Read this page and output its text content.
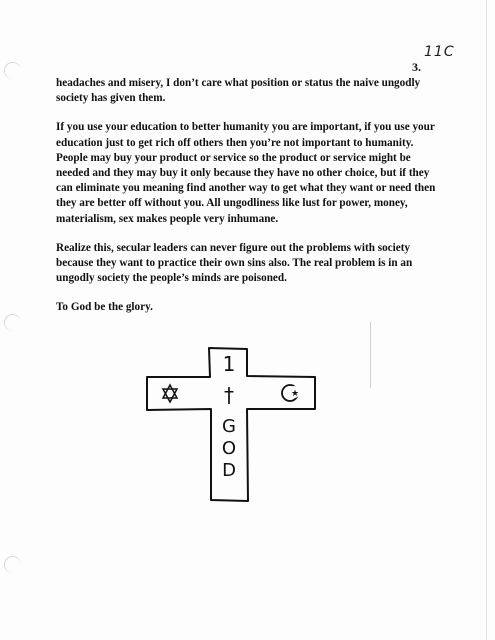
11C
3.

headaches and misery, I don’t care what position or status the naive ungodly society has given them.

If you use your education to better humanity you are important, if you use your education just to get rich off others then you’re not important to humanity. People may buy your product or service so the product or service might be needed and they may buy it only because they have no other choice, but if they can eliminate you meaning find another way to get what they want or need then they are better off without you. All ungodliness like lust for power, money, materialism, sex makes people very inhumane.

Realize this, secular leaders can never figure out the problems with society because they want to practice their own sins also. The real problem is in an ungodly society the people’s minds are poisoned.

To God be the glory.

1
†	★
G
O
D
